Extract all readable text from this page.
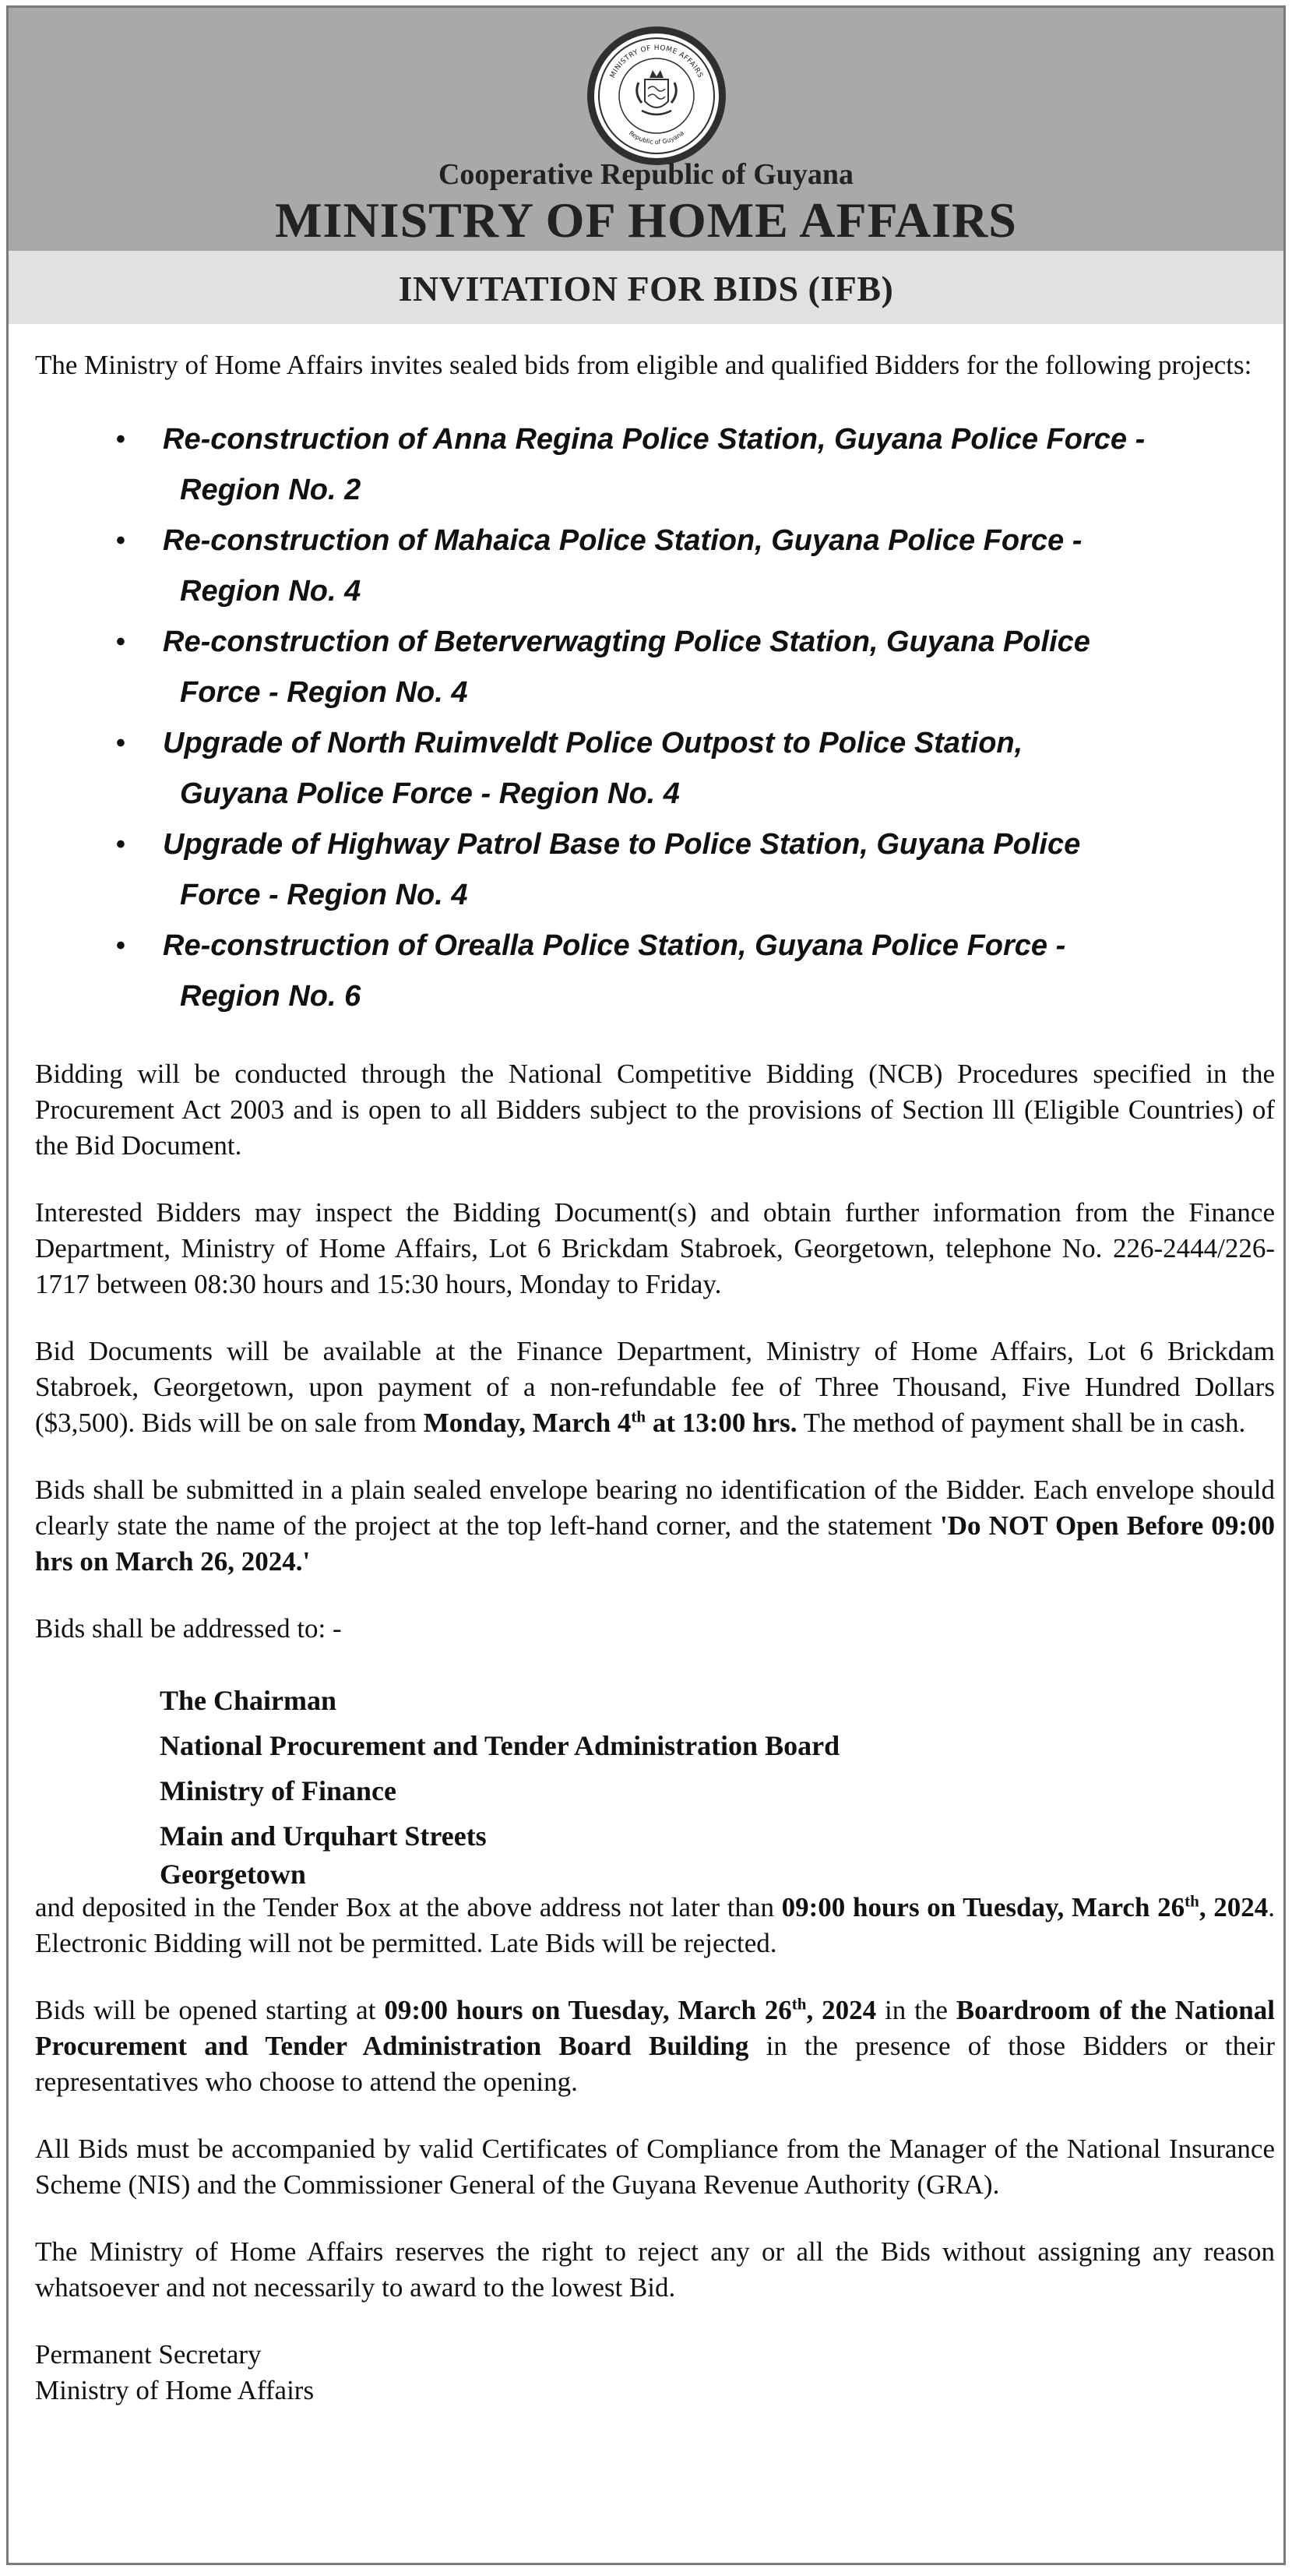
MINISTRY OF HOME AFFAIRS
Republic of Guyana
Cooperative Republic of Guyana
MINISTRY OF HOME AFFAIRS
INVITATION FOR BIDS (IFB)

The Ministry of Home Affairs invites sealed bids from eligible and qualified Bidders for the following projects:

• Re-construction of Anna Regina Police Station, Guyana Police Force -
Region No. 2
• Re-construction of Mahaica Police Station, Guyana Police Force -
Region No. 4
• Re-construction of Beterverwagting Police Station, Guyana Police
Force - Region No. 4
• Upgrade of North Ruimveldt Police Outpost to Police Station,
Guyana Police Force - Region No. 4
• Upgrade of Highway Patrol Base to Police Station, Guyana Police
Force - Region No. 4
• Re-construction of Orealla Police Station, Guyana Police Force -
Region No. 6

Bidding will be conducted through the National Competitive Bidding (NCB) Procedures specified in the Procurement Act 2003 and is open to all Bidders subject to the provisions of Section lll (Eligible Countries) of the Bid Document.

Interested Bidders may inspect the Bidding Document(s) and obtain further information from the Finance Department, Ministry of Home Affairs, Lot 6 Brickdam Stabroek, Georgetown, telephone No. 226-2444/226-1717 between 08:30 hours and 15:30 hours, Monday to Friday.

Bid Documents will be available at the Finance Department, Ministry of Home Affairs, Lot 6 Brickdam Stabroek, Georgetown, upon payment of a non-refundable fee of Three Thousand, Five Hundred Dollars ($3,500). Bids will be on sale from Monday, March 4th at 13:00 hrs. The method of payment shall be in cash.

Bids shall be submitted in a plain sealed envelope bearing no identification of the Bidder. Each envelope should clearly state the name of the project at the top left-hand corner, and the statement 'Do NOT Open Before 09:00 hrs on March 26, 2024.'

Bids shall be addressed to: -

The Chairman
National Procurement and Tender Administration Board
Ministry of Finance
Main and Urquhart Streets
Georgetown

and deposited in the Tender Box at the above address not later than 09:00 hours on Tuesday, March 26th, 2024. Electronic Bidding will not be permitted. Late Bids will be rejected.

Bids will be opened starting at 09:00 hours on Tuesday, March 26th, 2024 in the Boardroom of the National Procurement and Tender Administration Board Building in the presence of those Bidders or their representatives who choose to attend the opening.

All Bids must be accompanied by valid Certificates of Compliance from the Manager of the National Insurance Scheme (NIS) and the Commissioner General of the Guyana Revenue Authority (GRA).

The Ministry of Home Affairs reserves the right to reject any or all the Bids without assigning any reason whatsoever and not necessarily to award to the lowest Bid.

Permanent Secretary
Ministry of Home Affairs
